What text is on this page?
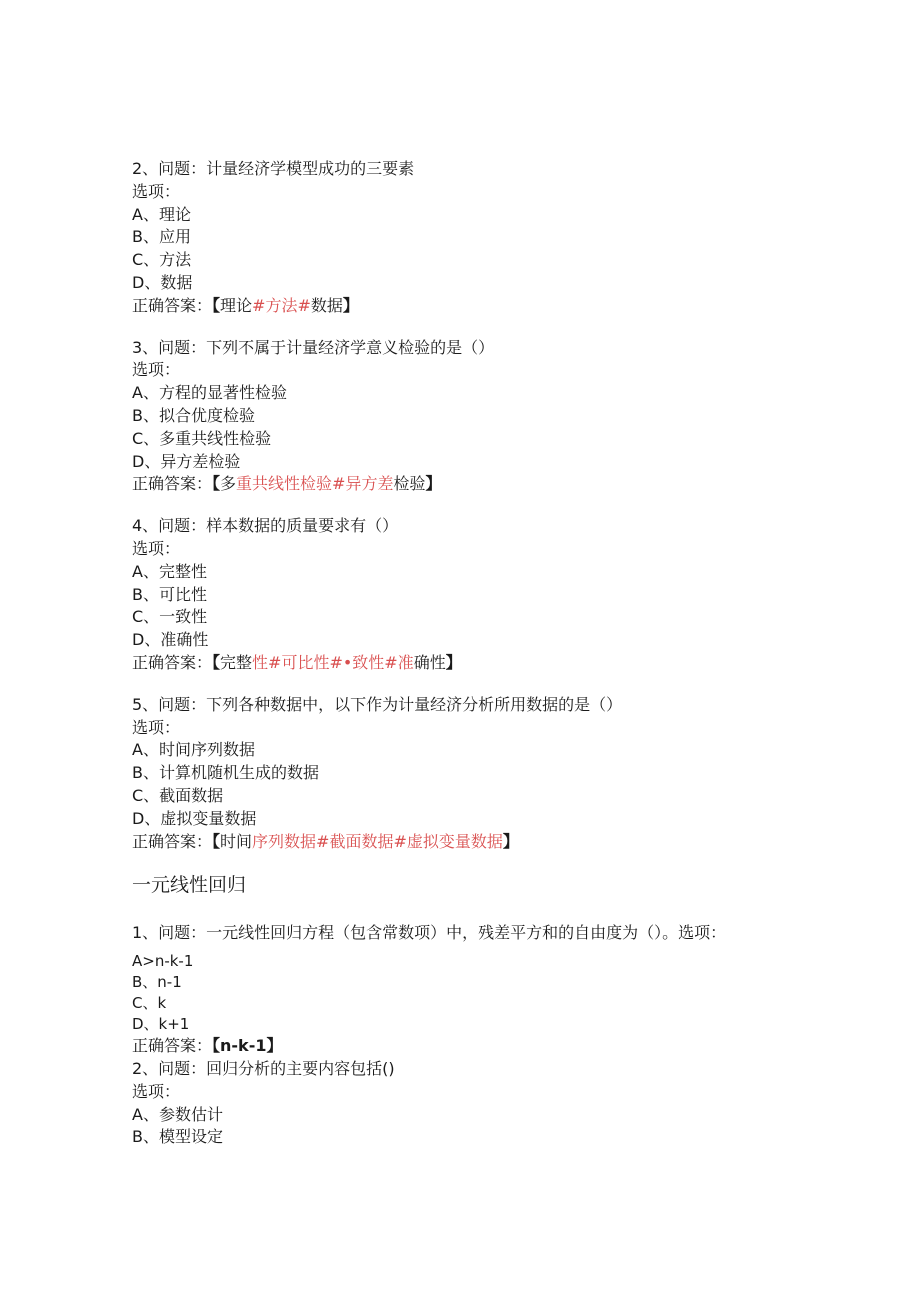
2、问题：计量经济学模型成功的三要素
选项：
A、理论
B、应用
C、方法
D、数据
正确答案：【理论#方法#数据】
3、问题：下列不属于计量经济学意义检验的是（）
选项：
A、方程的显著性检验
B、拟合优度检验
C、多重共线性检验
D、异方差检验
正确答案：【多重共线性检验#异方差检验】
4、问题：样本数据的质量要求有（）
选项：
A、完整性
B、可比性
C、一致性
D、准确性
正确答案：【完整性#可比性#•致性#准确性】
5、问题：下列各种数据中，以下作为计量经济分析所用数据的是（）
选项：
A、时间序列数据
B、计算机随机生成的数据
C、截面数据
D、虚拟变量数据
正确答案：【时间序列数据#截面数据#虚拟变量数据】
一元线性回归
1、问题：一元线性回归方程（包含常数项）中，残差平方和的自由度为（）。选项：
A>n-k-1
B、n-1
C、k
D、k+1
正确答案：【n-k-1】
2、问题：回归分析的主要内容包括()
选项：
A、参数估计
B、模型设定
